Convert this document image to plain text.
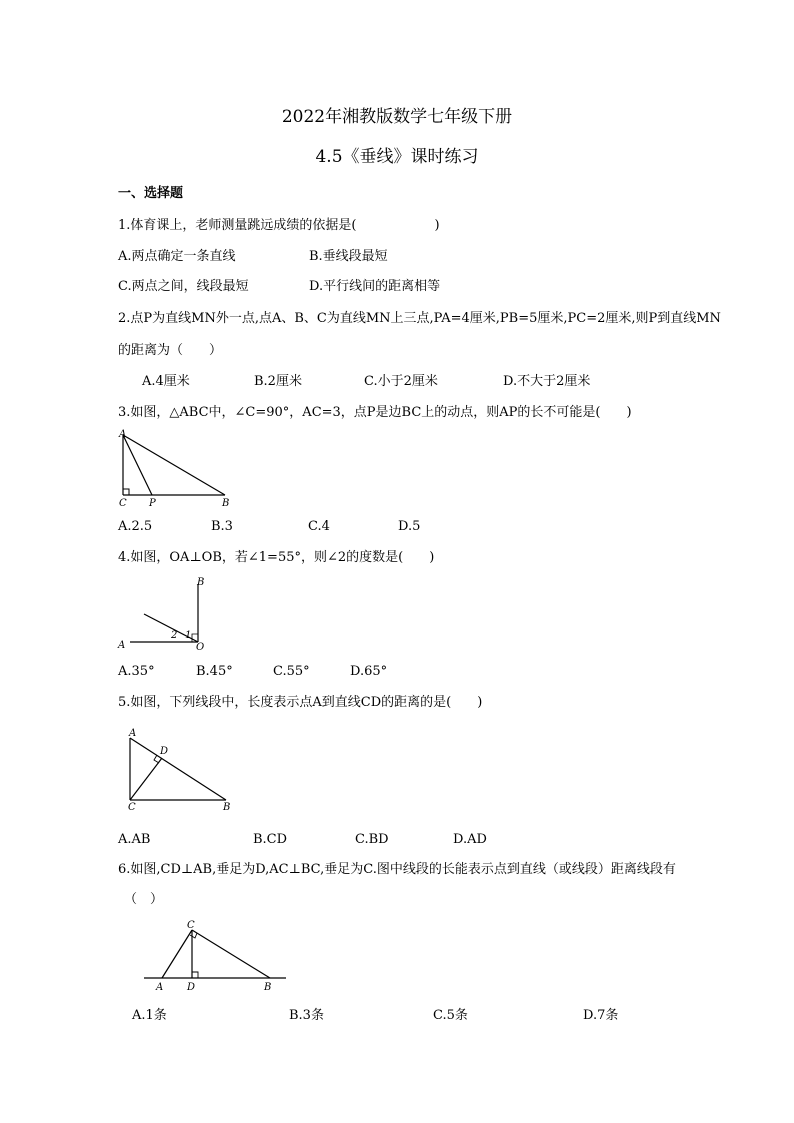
2022年湘教版数学七年级下册
4.5《垂线》课时练习
一、选择题
1.体育课上，老师测量跳远成绩的依据是(　　　　　　)
A.两点确定一条直线	B.垂线段最短
C.两点之间，线段最短	D.平行线间的距离相等
2.点P为直线MN外一点,点A、B、C为直线MN上三点,PA=4厘米,PB=5厘米,PC=2厘米,则P到直线MN
的距离为（　　）
A.4厘米	B.2厘米	C.小于2厘米	D.不大于2厘米
3.如图，△ABC中，∠C=90°，AC=3，点P是边BC上的动点，则AP的长不可能是(　　)
A
C P	B
A.2.5	B.3	C.4	D.5
4.如图，OA⊥OB，若∠1=55°，则∠2的度数是(　　)
B
A	O
2 1
A.35°	B.45°	C.55°	D.65°
5.如图，下列线段中，长度表示点A到直线CD的距离的是(　　)
A
D
C	B
A.AB	B.CD	C.BD	D.AD
6.如图,CD⊥AB,垂足为D,AC⊥BC,垂足为C.图中线段的长能表示点到直线（或线段）距离线段有
（　）
C
A D	B
A.1条	B.3条	C.5条	D.7条
